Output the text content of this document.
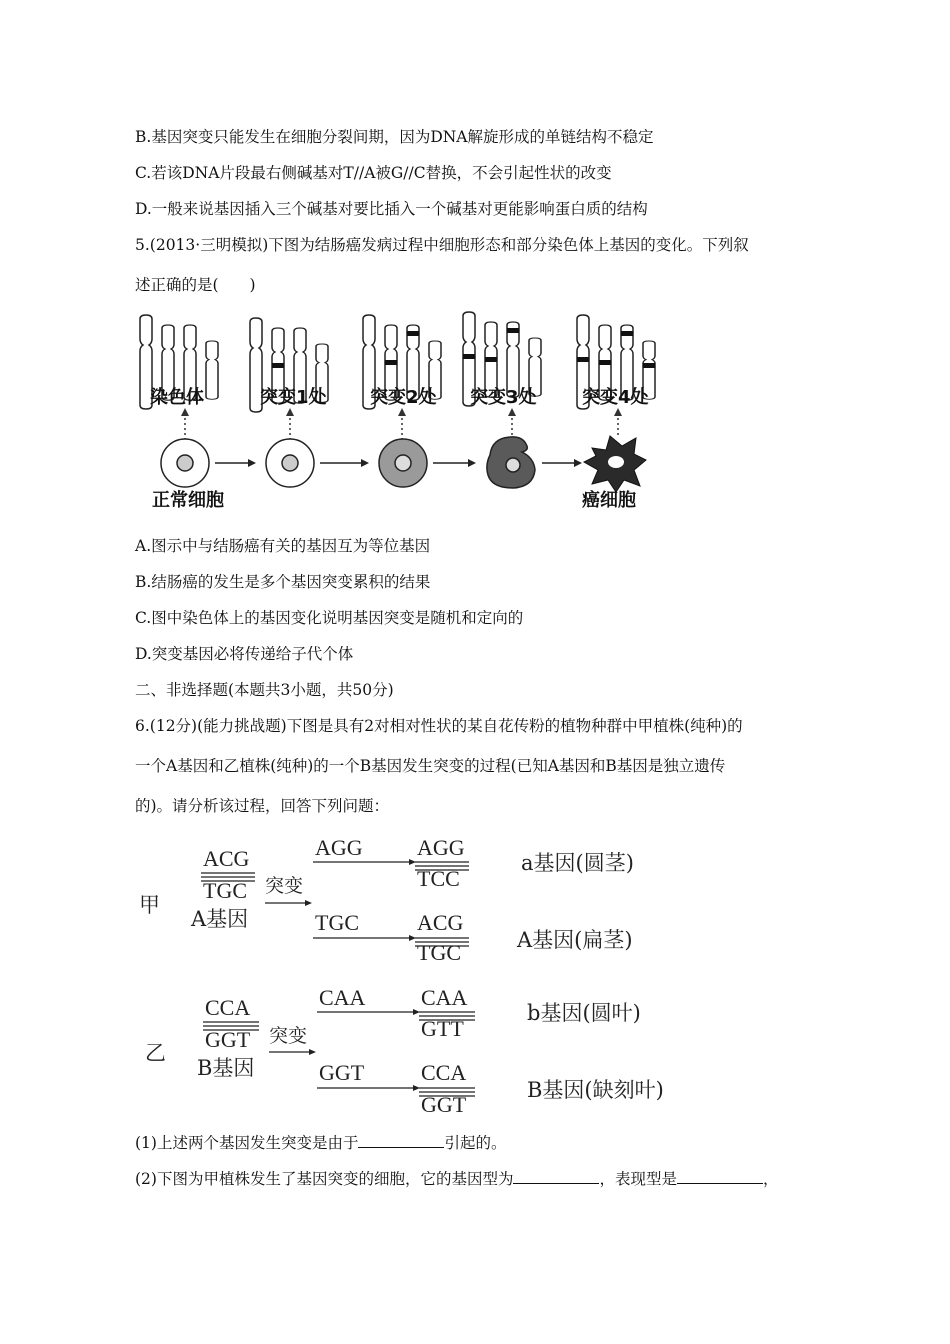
B.基因突变只能发生在细胞分裂间期，因为DNA解旋形成的单链结构不稳定
C.若该DNA片段最右侧碱基对T//A被G//C替换，不会引起性状的改变
D.一般来说基因插入三个碱基对要比插入一个碱基对更能影响蛋白质的结构
5.(2013·三明模拟)下图为结肠癌发病过程中细胞形态和部分染色体上基因的变化。下列叙
述正确的是(　　)
染色体	突变1处 突变2处 突变3处	突变4处
正常细胞	癌细胞
A.图示中与结肠癌有关的基因互为等位基因
B.结肠癌的发生是多个基因突变累积的结果
C.图中染色体上的基因变化说明基因突变是随机和定向的
D.突变基因必将传递给子代个体
二、非选择题(本题共3小题，共50分)
6.(12分)(能力挑战题)下图是具有2对相对性状的某自花传粉的植物种群中甲植株(纯种)的
一个A基因和乙植株(纯种)的一个B基因发生突变的过程(已知A基因和B基因是独立遗传
的)。请分析该过程，回答下列问题：
甲
ACG
TGC
A基因
突变
AGG AGG
TCC
a基因(圆茎)
TGC	ACG
TGC	A基因(扁茎)
乙
CCA
GGT
B基因
突变
CAA	CAA
GTT
b基因(圆叶)
GGT	CCA
GGT
B基因(缺刻叶)
(1)上述两个基因发生突变是由于	引起的。
(2)下图为甲植株发生了基因突变的细胞，它的基因型为	，表现型是	，
